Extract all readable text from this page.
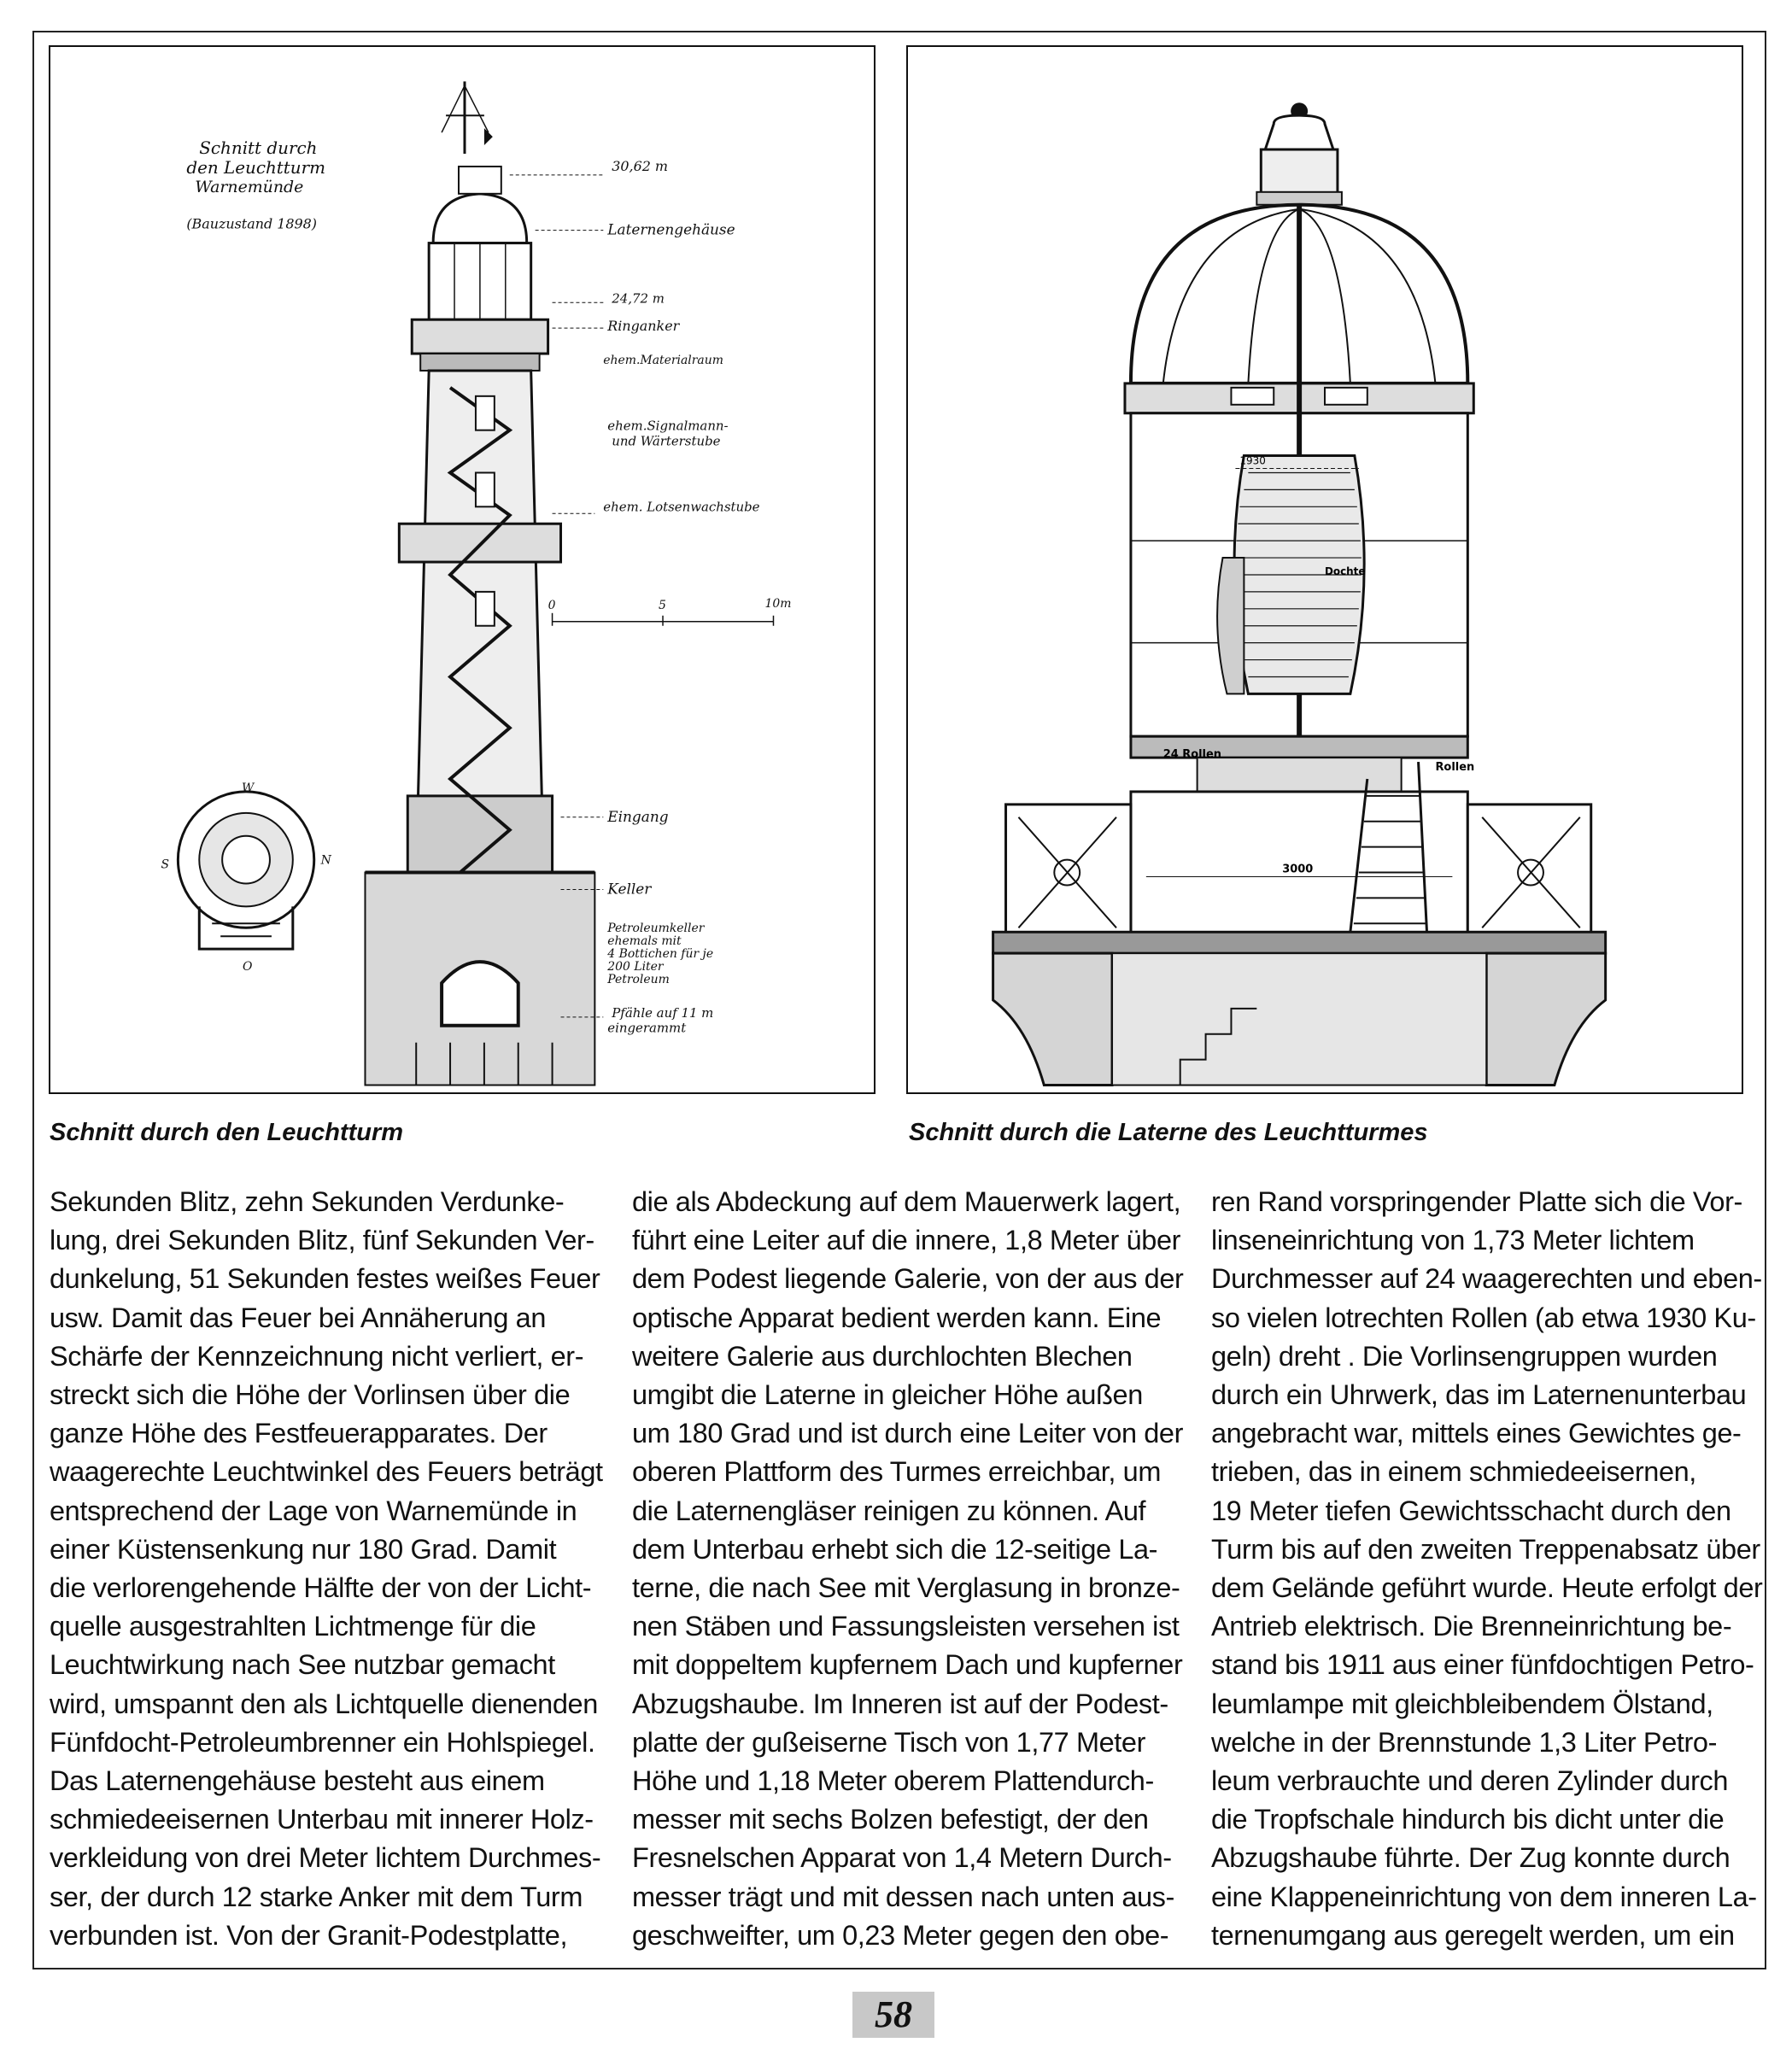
Schnitt durch
den Leuchtturm
Warnemünde
(Bauzustand 1898)
30,62 m
Laternengehäuse
24,72 m
Ringanker
ehem.Materialraum
ehem.Signalmann-
und Wärterstube
ehem. Lotsenwachstube
0	5	10m
Eingang
Keller
Petroleumkeller
ehemals mit
4 Bottichen für je
200 Liter
Petroleum
Pfähle auf 11 m
eingerammt
W
S	N
O
24 Rollen
Rollen
3000
1930
Dochte
Schnitt durch den Leuchtturm	Schnitt durch die Laterne des Leuchtturmes
Sekunden Blitz, zehn Sekunden Verdunke-
lung, drei Sekunden Blitz, fünf Sekunden Ver-
dunkelung, 51 Sekunden festes weißes Feuer
usw. Damit das Feuer bei Annäherung an
Schärfe der Kennzeichnung nicht verliert, er-
streckt sich die Höhe der Vorlinsen über die
ganze Höhe des Festfeuerapparates. Der
waagerechte Leuchtwinkel des Feuers beträgt
entsprechend der Lage von Warnemünde in
einer Küstensenkung nur 180 Grad. Damit
die verlorengehende Hälfte der von der Licht-
quelle ausgestrahlten Lichtmenge für die
Leuchtwirkung nach See nutzbar gemacht
wird, umspannt den als Lichtquelle dienenden
Fünfdocht-Petroleumbrenner ein Hohlspiegel.
Das Laternengehäuse besteht aus einem
schmiedeeisernen Unterbau mit innerer Holz-
verkleidung von drei Meter lichtem Durchmes-
ser, der durch 12 starke Anker mit dem Turm
verbunden ist. Von der Granit-Podestplatte,
die als Abdeckung auf dem Mauerwerk lagert,
führt eine Leiter auf die innere, 1,8 Meter über
dem Podest liegende Galerie, von der aus der
optische Apparat bedient werden kann. Eine
weitere Galerie aus durchlochten Blechen
umgibt die Laterne in gleicher Höhe außen
um 180 Grad und ist durch eine Leiter von der
oberen Plattform des Turmes erreichbar, um
die Laternengläser reinigen zu können. Auf
dem Unterbau erhebt sich die 12-seitige La-
terne, die nach See mit Verglasung in bronze-
nen Stäben und Fassungsleisten versehen ist
mit doppeltem kupfernem Dach und kupferner
Abzugshaube. Im Inneren ist auf der Podest-
platte der gußeiserne Tisch von 1,77 Meter
Höhe und 1,18 Meter oberem Plattendurch-
messer mit sechs Bolzen befestigt, der den
Fresnelschen Apparat von 1,4 Metern Durch-
messer trägt und mit dessen nach unten aus-
geschweifter, um 0,23 Meter gegen den obe-
ren Rand vorspringender Platte sich die Vor-
linseneinrichtung von 1,73 Meter lichtem
Durchmesser auf 24 waagerechten und eben-
so vielen lotrechten Rollen (ab etwa 1930 Ku-
geln) dreht . Die Vorlinsengruppen wurden
durch ein Uhrwerk, das im Laternenunterbau
angebracht war, mittels eines Gewichtes ge-
trieben, das in einem schmiedeeisernen,
19 Meter tiefen Gewichtsschacht durch den
Turm bis auf den zweiten Treppenabsatz über
dem Gelände geführt wurde. Heute erfolgt der
Antrieb elektrisch. Die Brenneinrichtung be-
stand bis 1911 aus einer fünfdochtigen Petro-
leumlampe mit gleichbleibendem Ölstand,
welche in der Brennstunde 1,3 Liter Petro-
leum verbrauchte und deren Zylinder durch
die Tropfschale hindurch bis dicht unter die
Abzugshaube führte. Der Zug konnte durch
eine Klappeneinrichtung von dem inneren La-
ternenumgang aus geregelt werden, um ein
58
